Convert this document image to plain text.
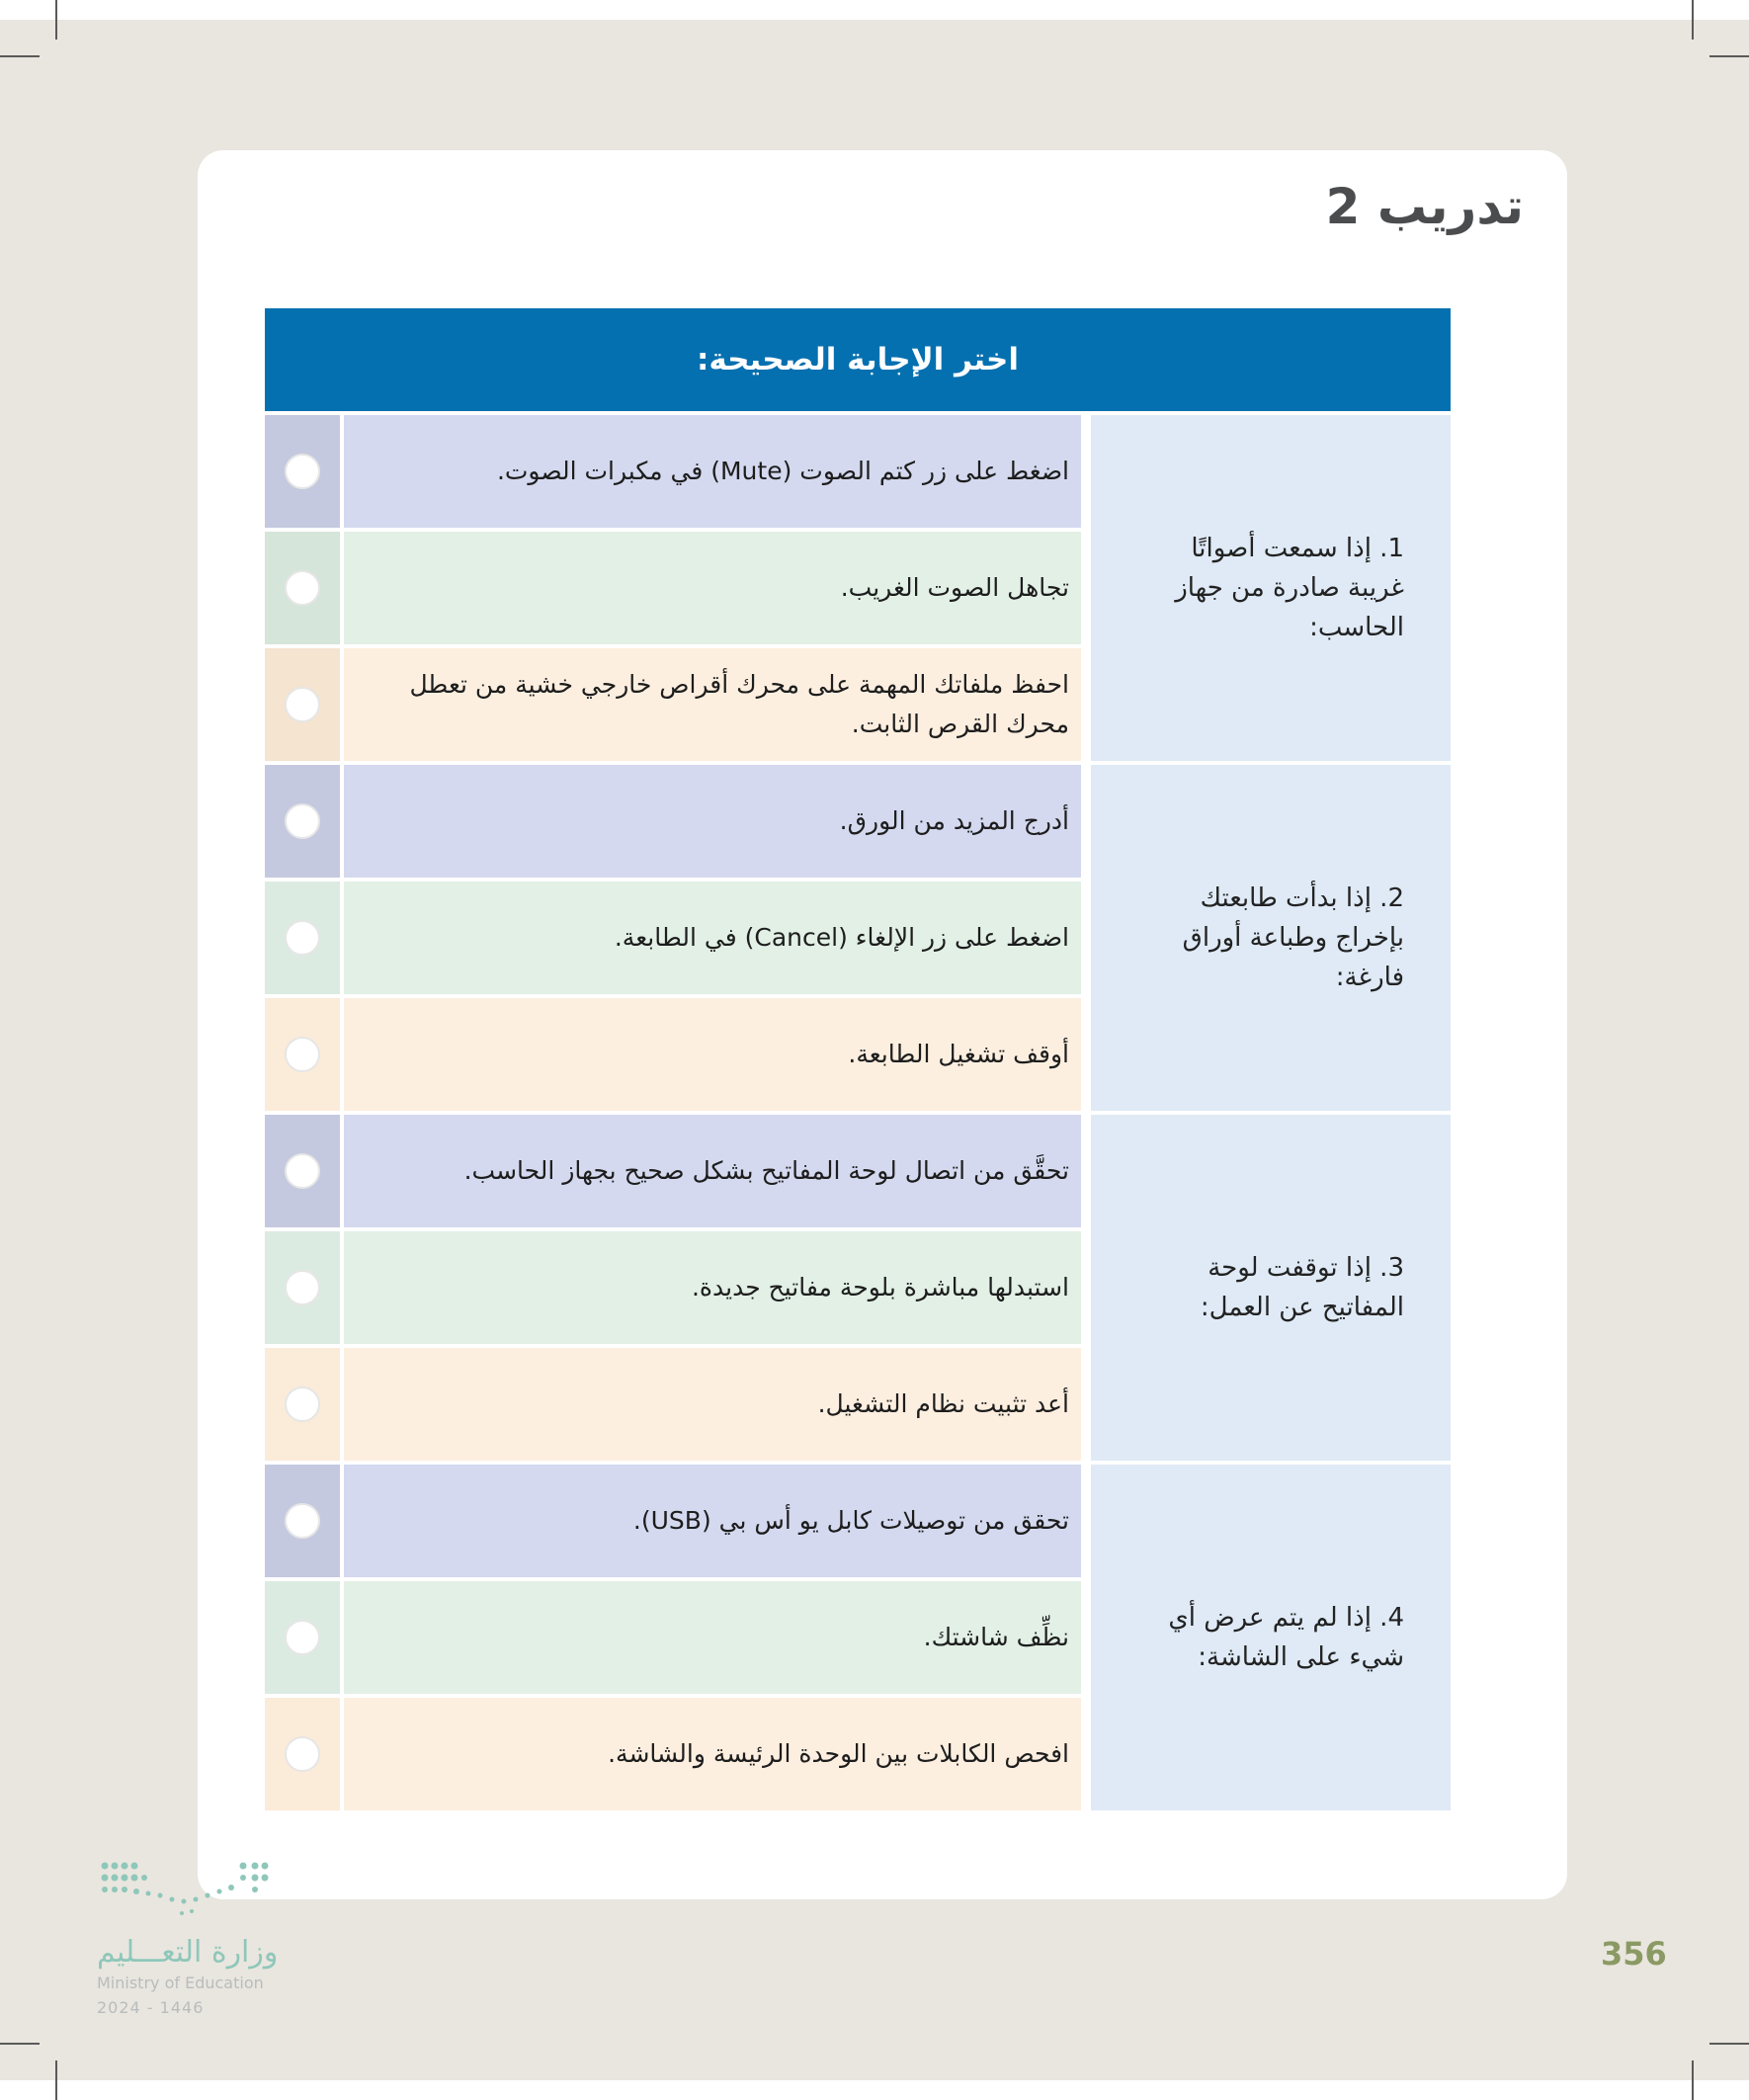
تدريب 2
اختر الإجابة الصحيحة:
اضغط على زر كتم الصوت (Mute) في مكبرات الصوت.
تجاهل الصوت الغريب.
احفظ ملفاتك المهمة على محرك أقراص خارجي خشية من تعطل محرك القرص الثابت.
1. إذا سمعت أصواتًا غريبة صادرة من جهاز الحاسب:
أدرج المزيد من الورق.
اضغط على زر الإلغاء (Cancel) في الطابعة.
أوقف تشغيل الطابعة.
2. إذا بدأت طابعتك بإخراج وطباعة أوراق فارغة:
تحقَّق من اتصال لوحة المفاتيح بشكل صحيح بجهاز الحاسب.
استبدلها مباشرة بلوحة مفاتيح جديدة.
أعد تثبيت نظام التشغيل.
3. إذا توقفت لوحة المفاتيح عن العمل:
تحقق من توصيلات كابل يو أس بي (USB).
نظِّف شاشتك.
افحص الكابلات بين الوحدة الرئيسة والشاشة.
4. إذا لم يتم عرض أي شيء على الشاشة:
وزارة التعـــليم
Ministry of Education
2024 - 1446
356
